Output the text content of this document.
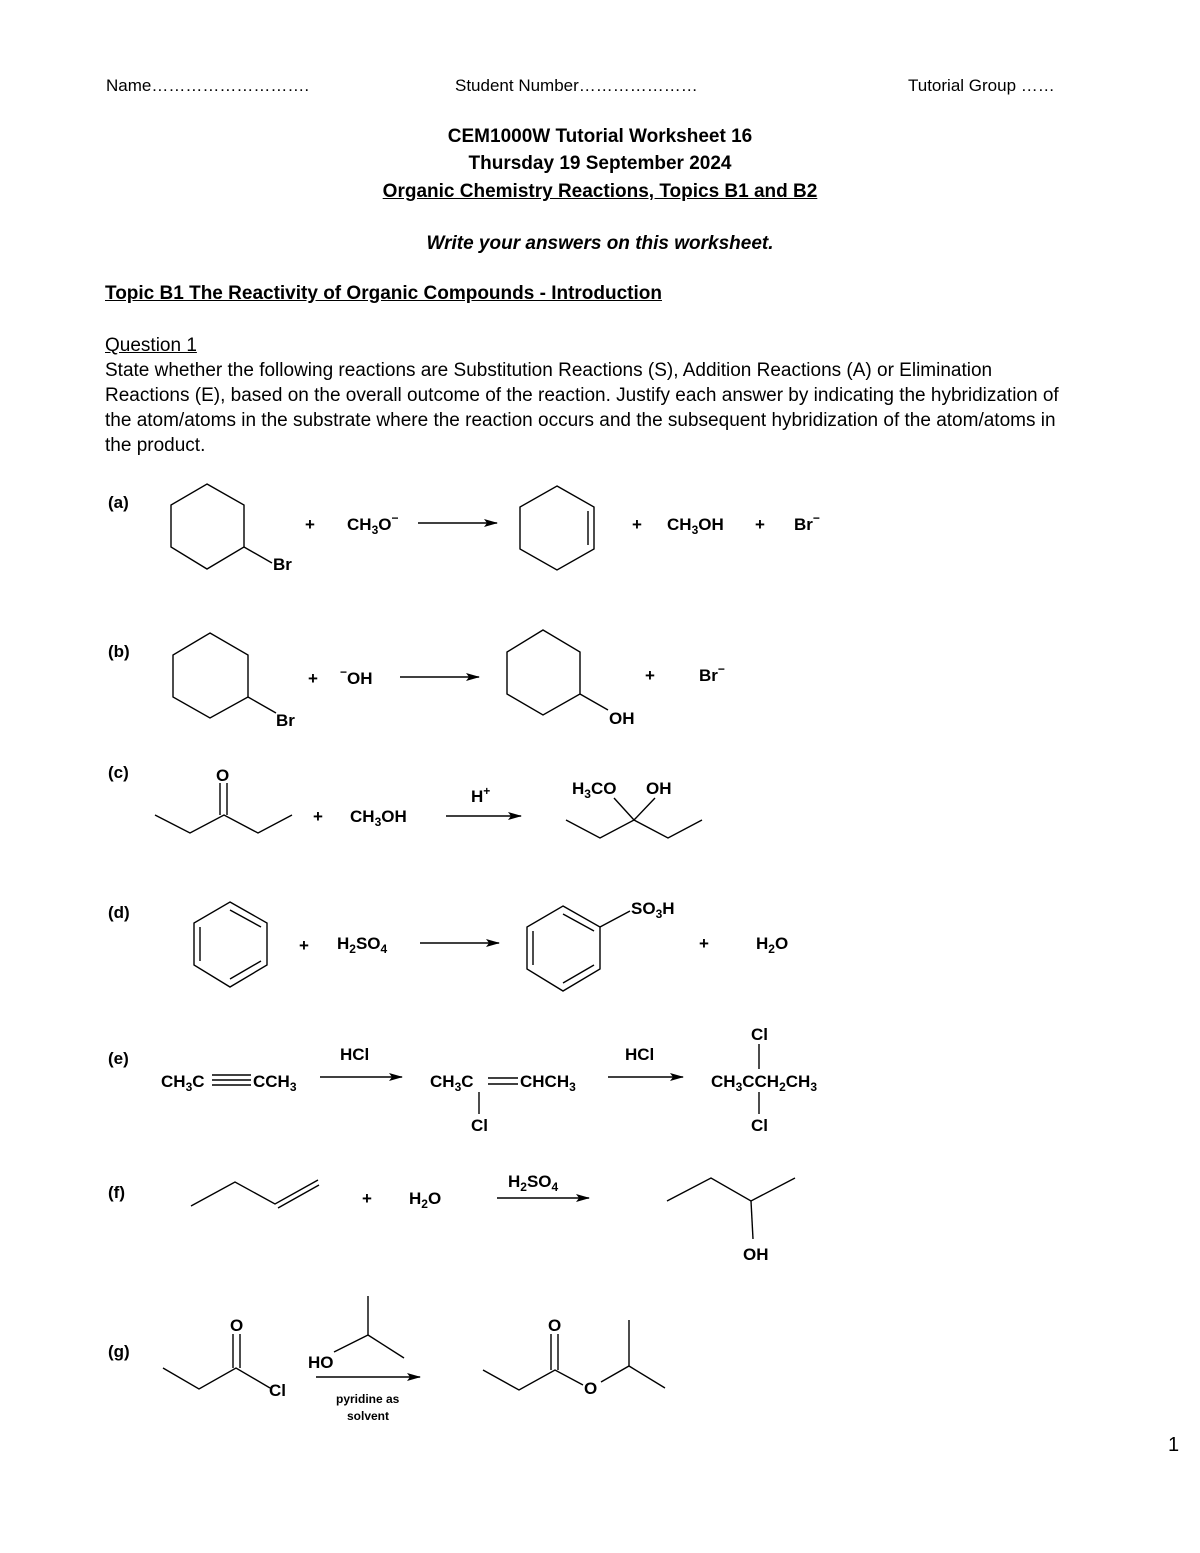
Name……………………….	Student Number…………………	Tutorial Group ……
CEM1000W Tutorial Worksheet 16
Thursday 19 September 2024
Organic Chemistry Reactions, Topics B1 and B2
Write your answers on this worksheet.
Topic B1 The Reactivity of Organic Compounds - Introduction
Question 1
State whether the following reactions are Substitution Reactions (S), Addition Reactions (A) or Elimination Reactions (E), based on the overall outcome of the reaction. Justify each answer by indicating the hybridization of the atom/atoms in the substrate where the reaction occurs and the subsequent hybridization of the atom/atoms in the product.
(a)
(b)
(c)
(d)
(e)
(f)
(g)
Br
+ $CH_3O^-$	+ $CH_3OH + Br^-$
Br
+ −OH
OH
+	Br−
O
+ $CH_3OH$
H+	$H_3CO$ OH
+ $H_2SO_4$
$SO_3H$
+	$H_2O$
$CH_3C$	$CCH_3$
HCl
$CH_3C$	$CHCH_3$
Cl
HCl
$CH_3CCH_2CH_3$
Cl
Cl
+ $H_2O$
$H_2SO_4$
OH
O
Cl
HO
pyridine as
solvent
O
O
1
